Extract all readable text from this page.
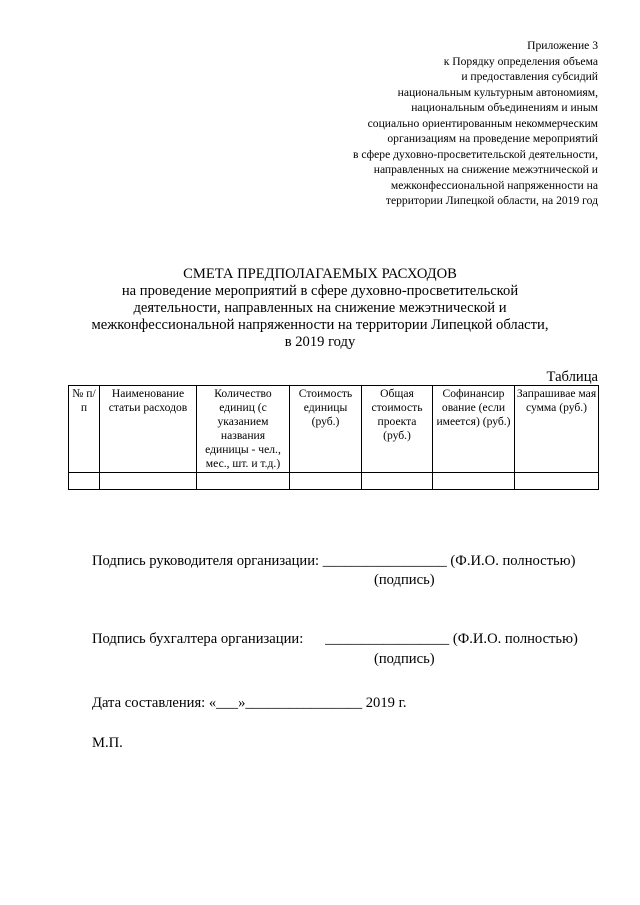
Приложение 3
к Порядку определения объема
и предоставления субсидий
национальным культурным автономиям,
национальным объединениям и иным
социально ориентированным некоммерческим
организациям на проведение мероприятий
в сфере духовно-просветительской деятельности,
направленных на снижение межэтнической и
межконфессиональной напряженности на
территории Липецкой области, на 2019 год
СМЕТА ПРЕДПОЛАГАЕМЫХ РАСХОДОВ
на проведение мероприятий в сфере духовно-просветительской
деятельности, направленных на снижение межэтнической и
межконфессиональной напряженности на территории Липецкой области,
в 2019 году
Таблица
№ п/п	Наименование статьи расходов	Количество единиц (с указанием названия единицы - чел., мес., шт. и т.д.)	Стоимость единицы (руб.)	Общая стоимость проекта (руб.)	Софинансир ование (если имеется) (руб.)	Запрашивае мая сумма (руб.)

Подпись руководителя организации: _________________ (Ф.И.О. полностью)
(подпись)
Подпись бухгалтера организации:      _________________ (Ф.И.О. полностью)
(подпись)
Дата составления: «___»________________ 2019 г.
М.П.
